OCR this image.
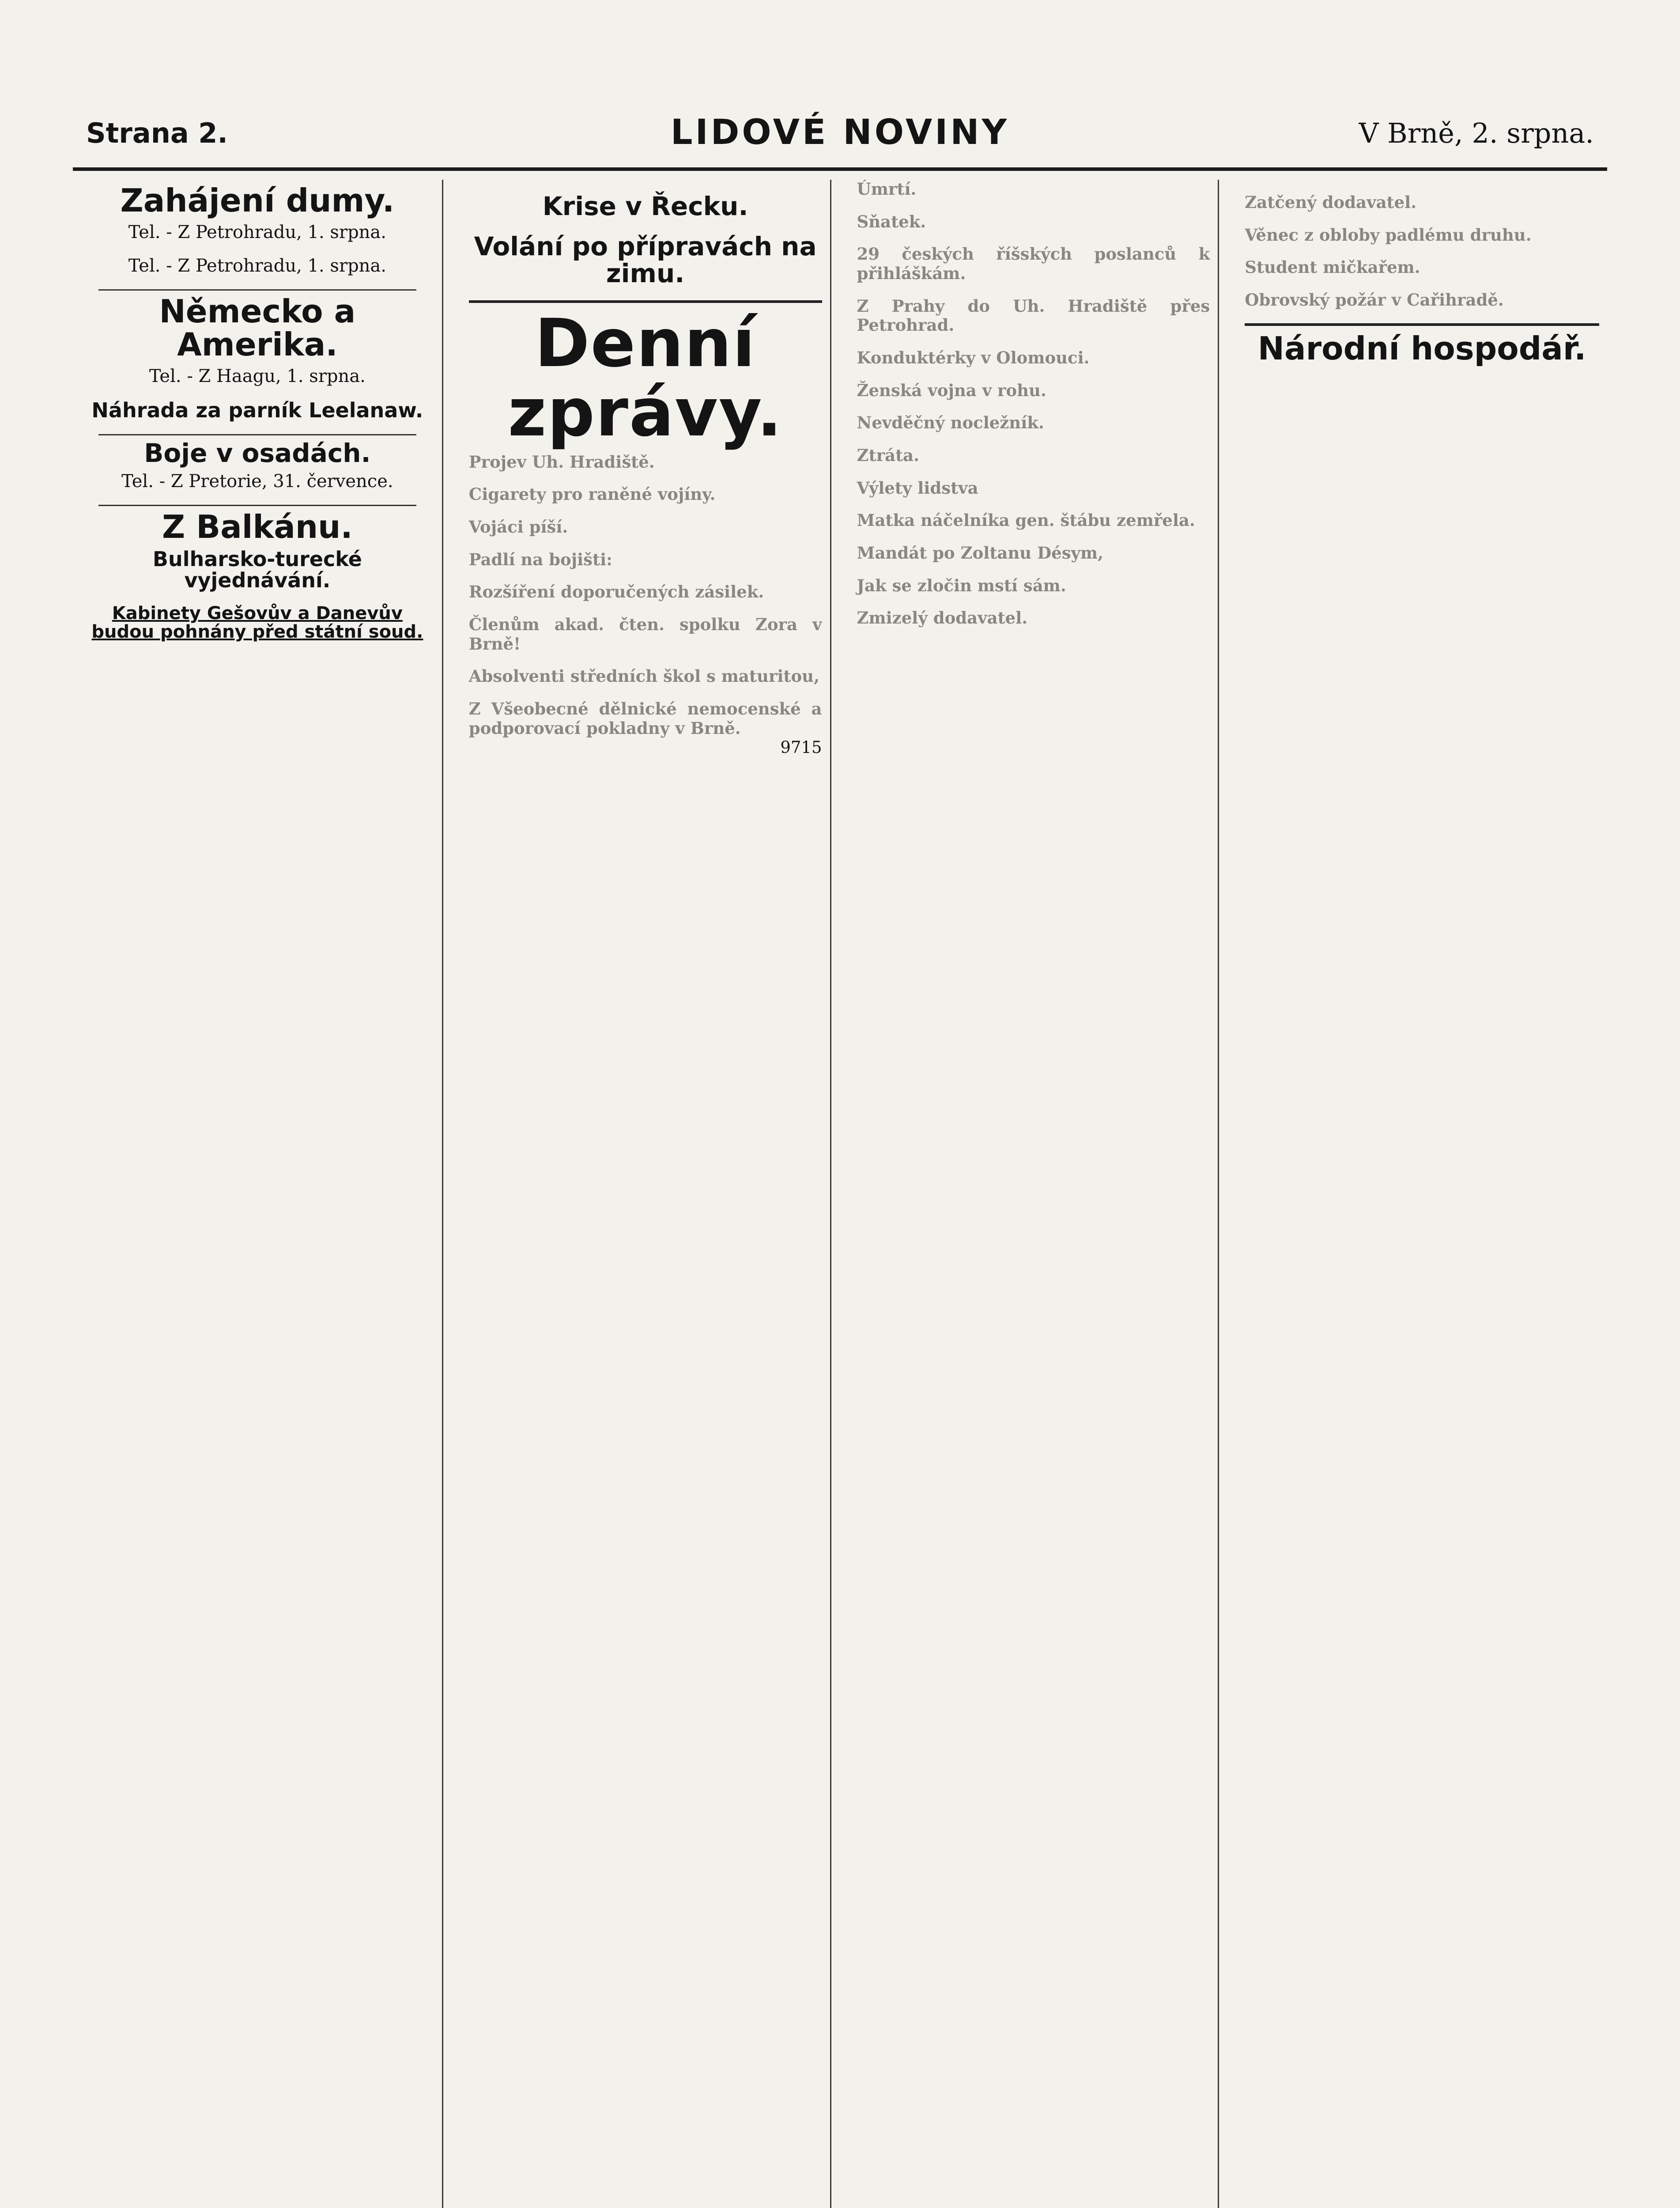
Strana 2.	LIDOVÉ NOVINY	V Brně, 2. srpna.
Zahájení dumy.
Tel. - Z Petrohradu, 1. srpna.
Tel. - Z Petrohradu, 1. srpna.
Německo a Amerika.
Tel. - Z Haagu, 1. srpna.
Náhrada za parník Leelanaw.
Boje v osadách.
Tel. - Z Pretorie, 31. července.
Z Balkánu.
Bulharsko-turecké vyjednávání.
Kabinety Gešovův a Danevův budou pohnány před státní soud.
Krise v Řecku.
Volání po přípravách na zimu.
Denní zprávy.
Projev Uh. Hradiště.
Cigarety pro raněné vojíny.
Vojáci píší.
Padlí na bojišti:
Rozšíření doporučených zásilek.
Členům akad. čten. spolku Zora v Brně!
Absolventi středních škol s maturitou,
Z Všeobecné dělnické nemocenské a podporovací pokladny v Brně.
9715
Úmrtí.
Sňatek.
29 českých říšských poslanců k přihláškám.
Z Prahy do Uh. Hradiště přes Petrohrad.
Konduktérky v Olomouci.
Ženská vojna v rohu.
Nevděčný nocležník.
Ztráta.
Výlety lidstva
Matka náčelníka gen. štábu zemřela.
Mandát po Zoltanu Désym,
Jak se zločin mstí sám.
Zmizelý dodavatel.
Zatčený dodavatel.
Věnec z obloby padlému druhu.
Student mičkařem.
Obrovský požár v Cařihradě.
Národní hospodář.
